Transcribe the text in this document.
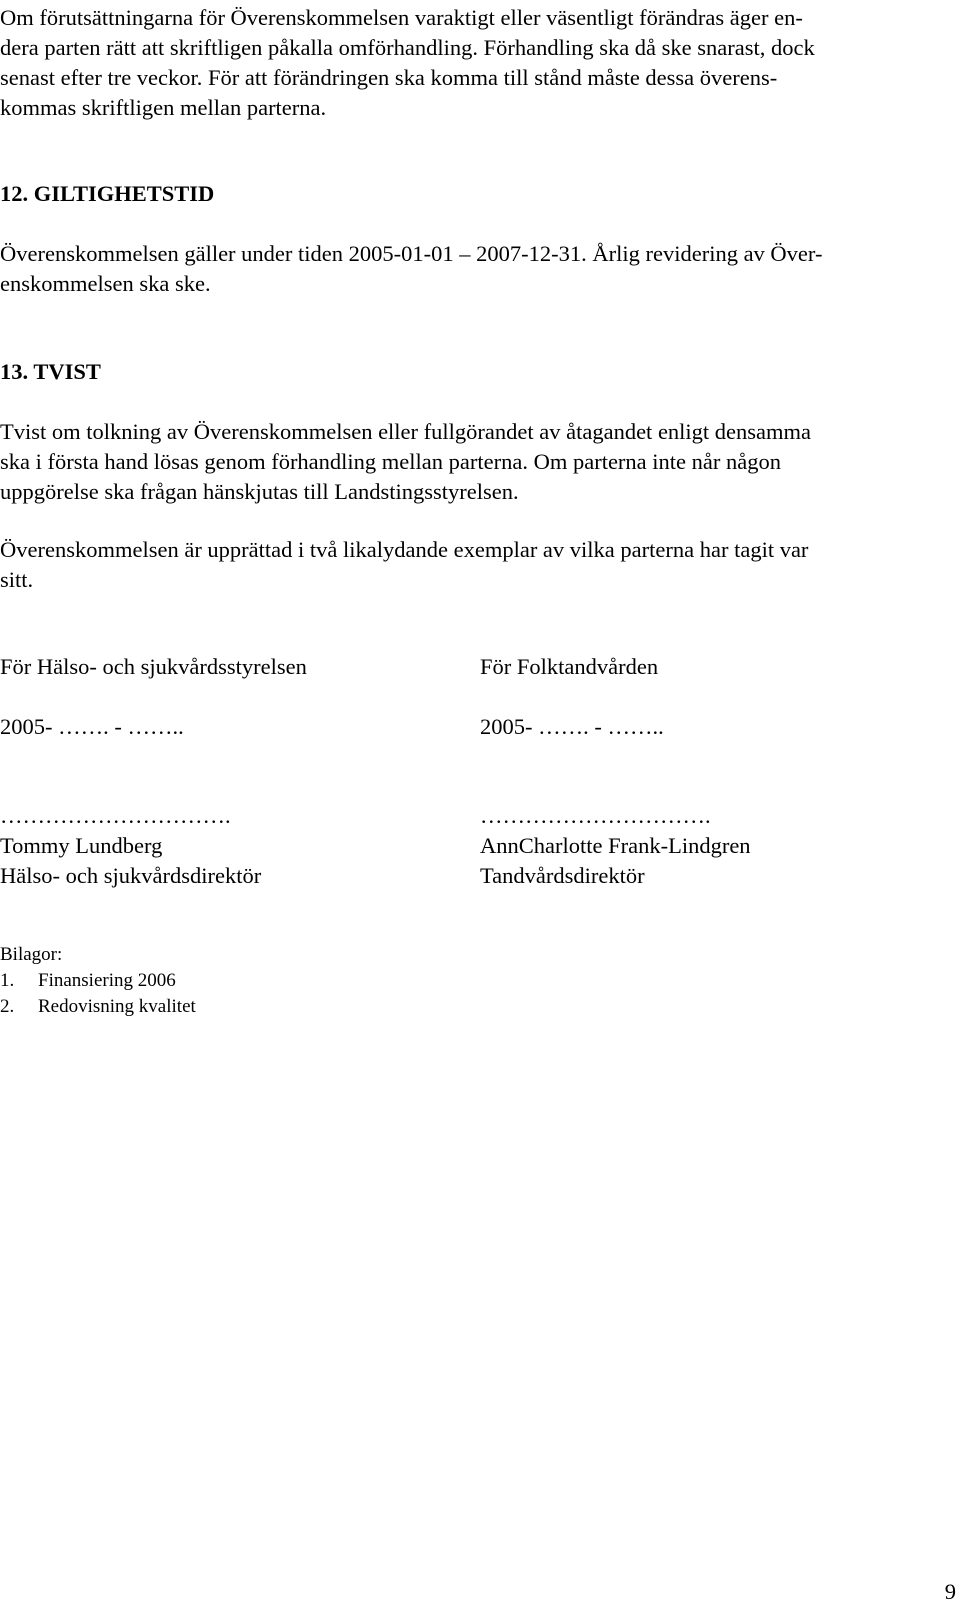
Om förutsättningarna för Överenskommelsen varaktigt eller väsentligt förändras äger en-
dera parten rätt att skriftligen påkalla omförhandling. Förhandling ska då ske snarast, dock
senast efter tre veckor. För att förändringen ska komma till stånd måste dessa överens-
kommas skriftligen mellan parterna.

12. GILTIGHETSTID

Överenskommelsen gäller under tiden 2005-01-01 – 2007-12-31. Årlig revidering av Över-
enskommelsen ska ske.

13. TVIST

Tvist om tolkning av Överenskommelsen eller fullgörandet av åtagandet enligt densamma
ska i första hand lösas genom förhandling mellan parterna. Om parterna inte når någon
uppgörelse ska frågan hänskjutas till Landstingsstyrelsen.

Överenskommelsen är upprättad i två likalydande exemplar av vilka parterna har tagit var
sitt.

För Hälso- och sjukvårdsstyrelsen
2005- ……. - ……..
………………………….
Tommy Lundberg
Hälso- och sjukvårdsdirektör
För Folktandvården
2005- ……. - ……..
………………………….
AnnCharlotte Frank-Lindgren
Tandvårdsdirektör
Bilagor:
1. Finansiering 2006
2. Redovisning kvalitet
9
